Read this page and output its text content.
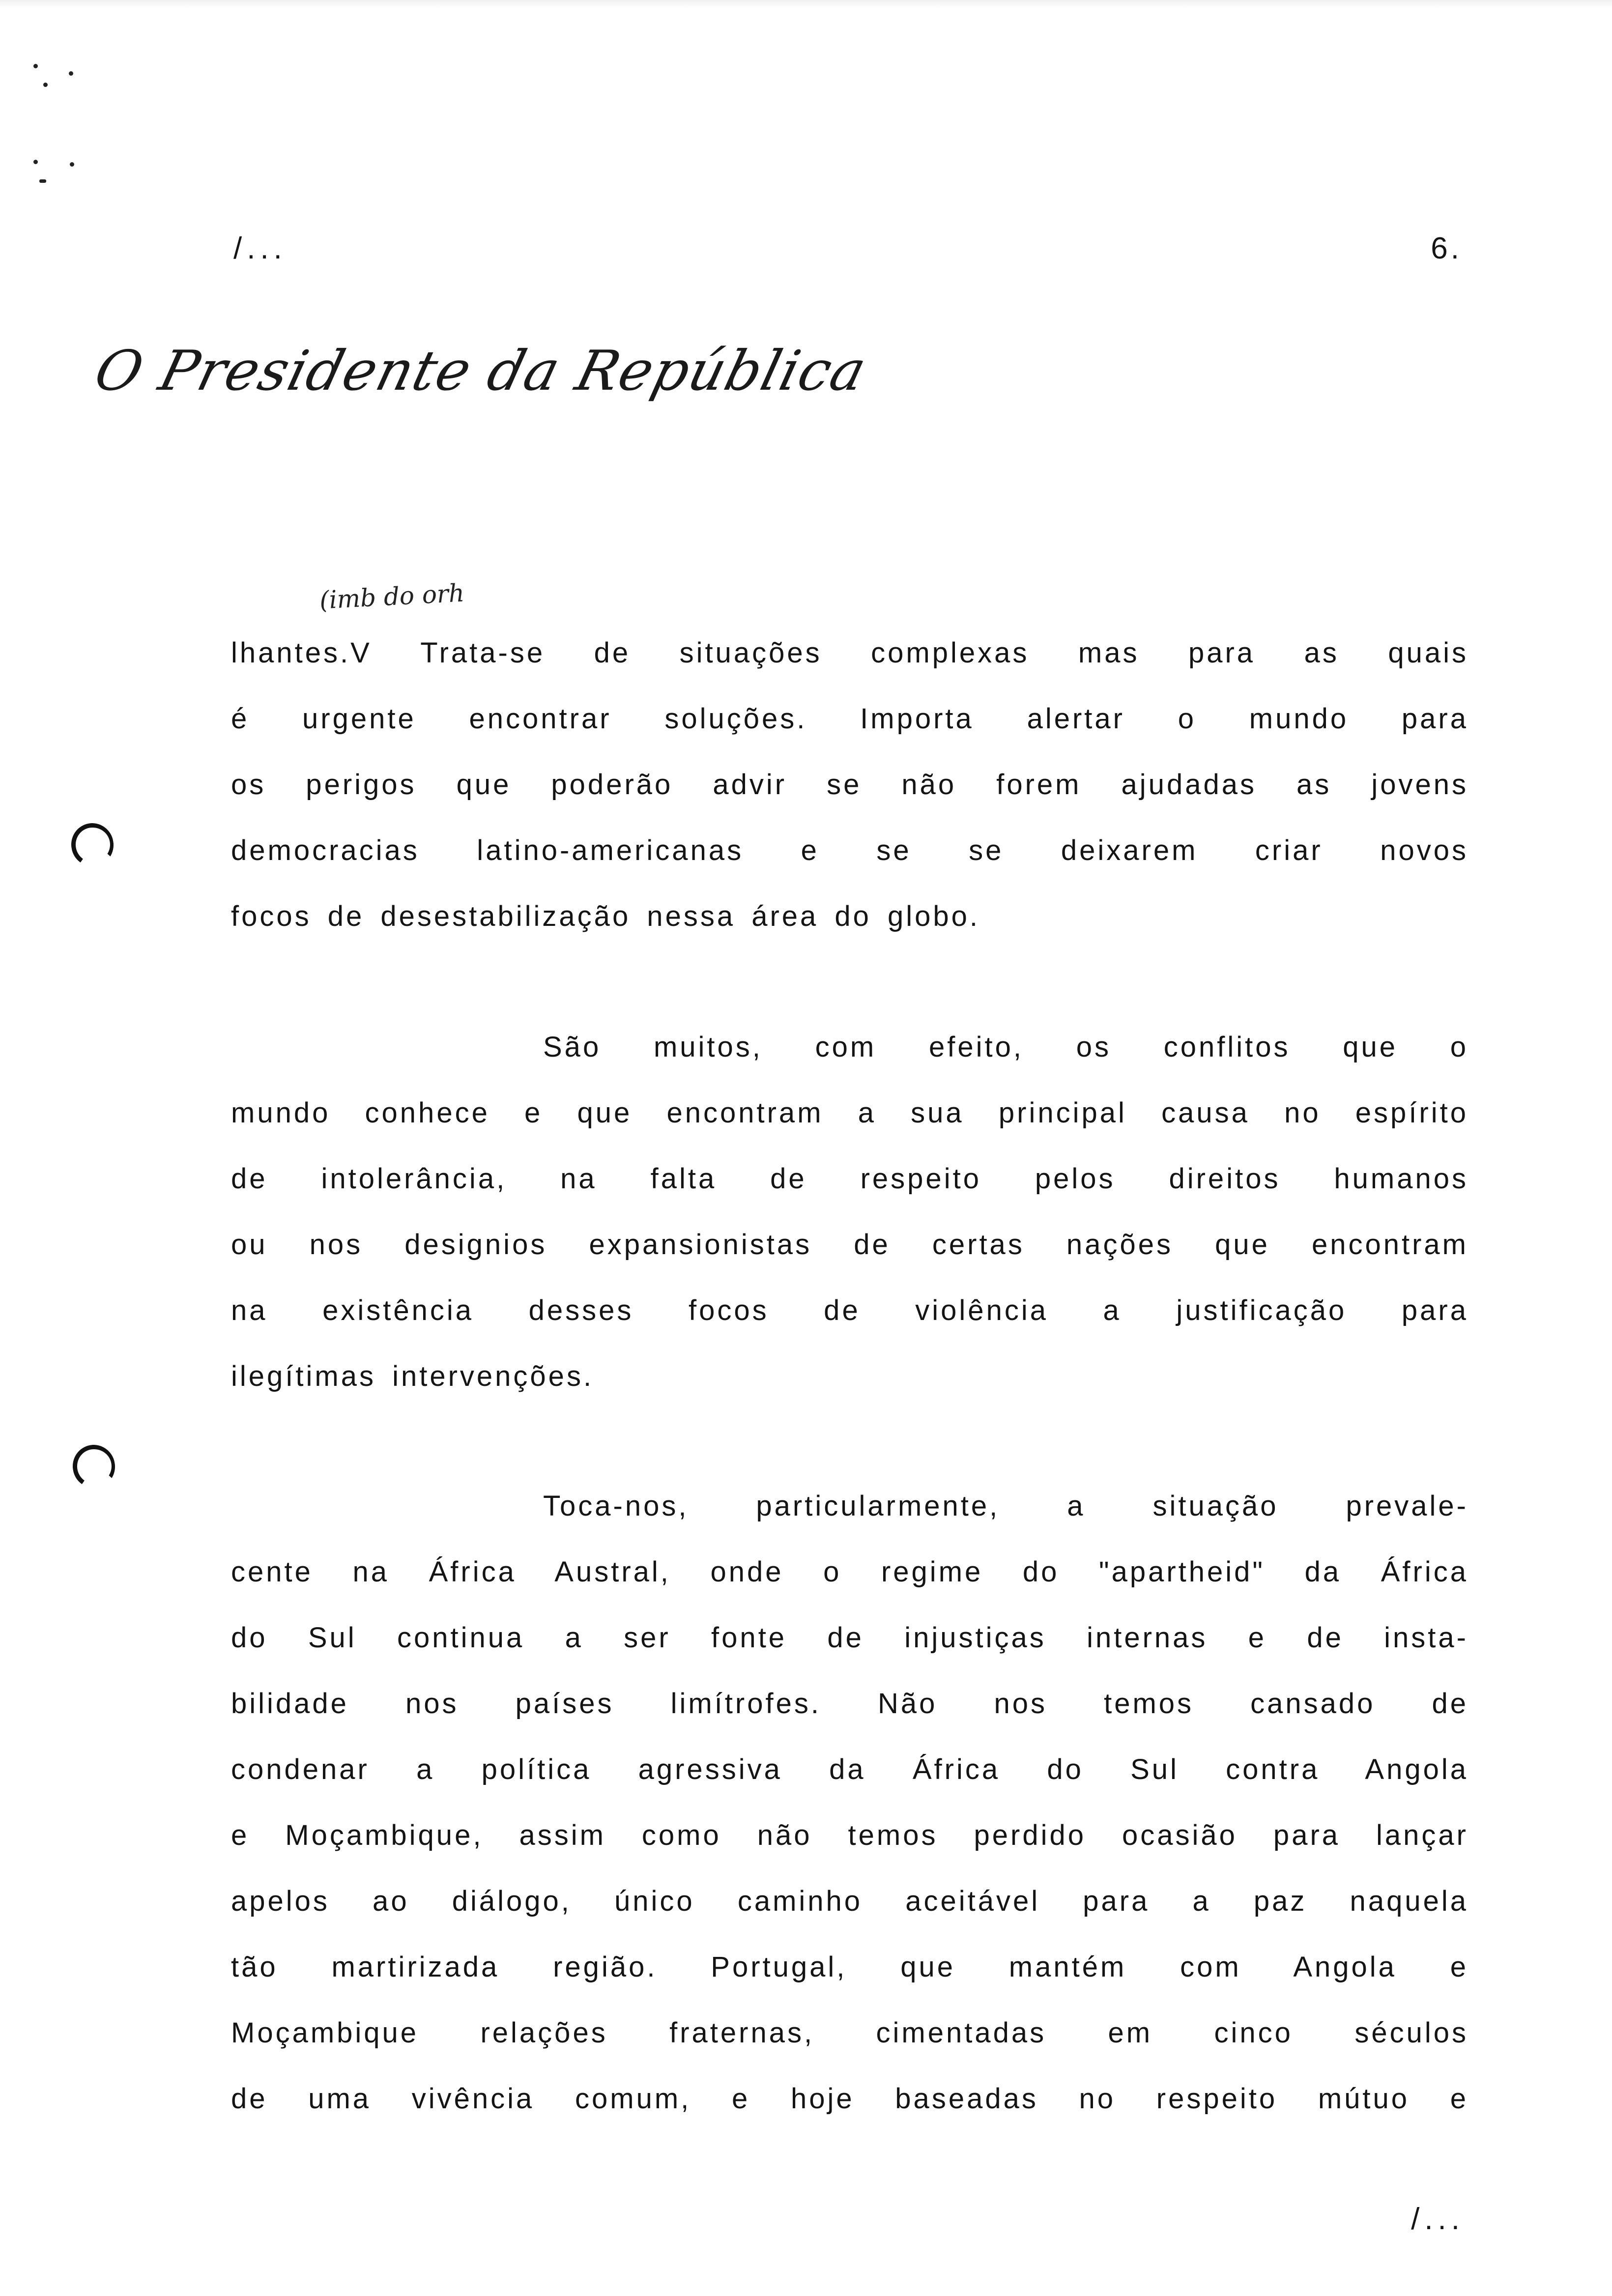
/...	6.
O Presidente da República
(imb do orh
lhantes.V Trata-se de situações complexas mas para as quais
é urgente encontrar soluções. Importa alertar o mundo para
os perigos que poderão advir se não forem ajudadas as jovens
democracias latino-americanas e se se deixarem criar novos
focos de desestabilização nessa área do globo.
São muitos, com efeito, os conflitos que o
mundo conhece e que encontram a sua principal causa no espírito
de intolerância, na falta de respeito pelos direitos humanos
ou nos designios expansionistas de certas nações que encontram
na existência desses focos de violência a justificação para
ilegítimas intervenções.
Toca-nos, particularmente, a situação prevale-
cente na África Austral, onde o regime do "apartheid" da África
do Sul continua a ser fonte de injustiças internas e de insta-
bilidade nos países limítrofes. Não nos temos cansado de
condenar a política agressiva da África do Sul contra Angola
e Moçambique, assim como não temos perdido ocasião para lançar
apelos ao diálogo, único caminho aceitável para a paz naquela
tão martirizada região. Portugal, que mantém com Angola e
Moçambique relações fraternas, cimentadas em cinco séculos
de uma vivência comum, e hoje baseadas no respeito mútuo e
/...
